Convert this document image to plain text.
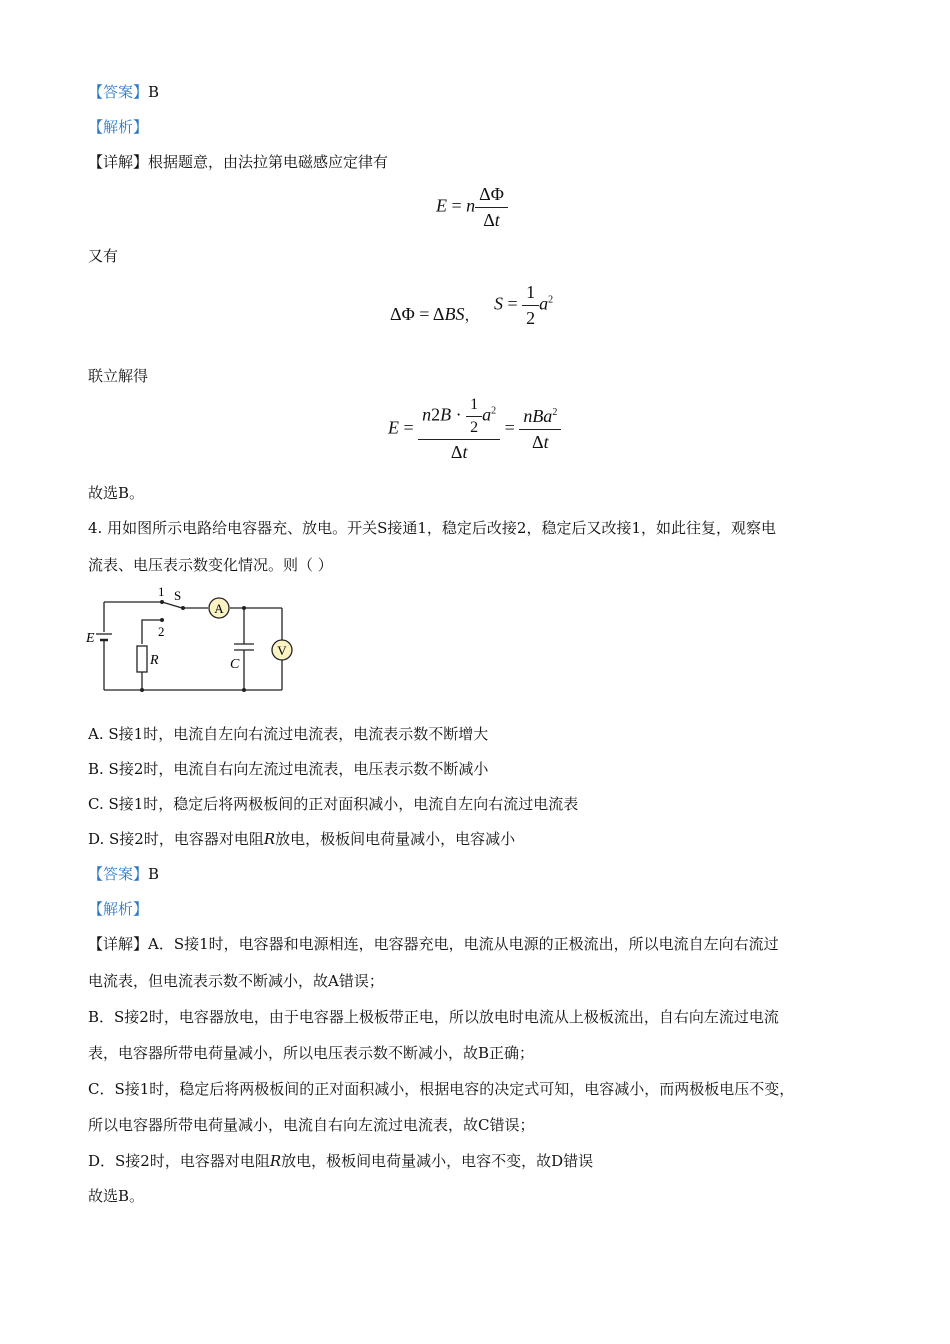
【答案】B
【解析】
【详解】根据题意，由法拉第电磁感应定律有
E = n $\frac{\Delta\Phi}{\Delta t}$
又有
ΔΦ = ΔBS，
$S = \frac{1}{2} a^2$
联立解得
$E = \frac{n2B \cdot \frac{1}{2} a^2}{\Delta t} = \frac{nBa^2}{\Delta t}$
故选B。
4. 用如图所示电路给电容器充、放电。开关S接通1，稳定后改接2，稳定后又改接1，如此往复，观察电
流表、电压表示数变化情况。则（ ）
A
V
1
2
S
E
R	C
A. S接1时，电流自左向右流过电流表，电流表示数不断增大
B. S接2时，电流自右向左流过电流表，电压表示数不断减小
C. S接1时，稳定后将两极板间的正对面积减小，电流自左向右流过电流表
D. S接2时，电容器对电阻R放电，极板间电荷量减小，电容减小
【答案】B
【解析】
【详解】A．S接1时，电容器和电源相连，电容器充电，电流从电源的正极流出，所以电流自左向右流过
电流表，但电流表示数不断减小，故A错误；
B．S接2时，电容器放电，由于电容器上极板带正电，所以放电时电流从上极板流出，自右向左流过电流
表，电容器所带电荷量减小，所以电压表示数不断减小，故B正确；
C．S接1时，稳定后将两极板间的正对面积减小，根据电容的决定式可知，电容减小，而两极板电压不变，
所以电容器所带电荷量减小，电流自右向左流过电流表，故C错误；
D．S接2时，电容器对电阻R放电，极板间电荷量减小，电容不变，故D错误
故选B。
